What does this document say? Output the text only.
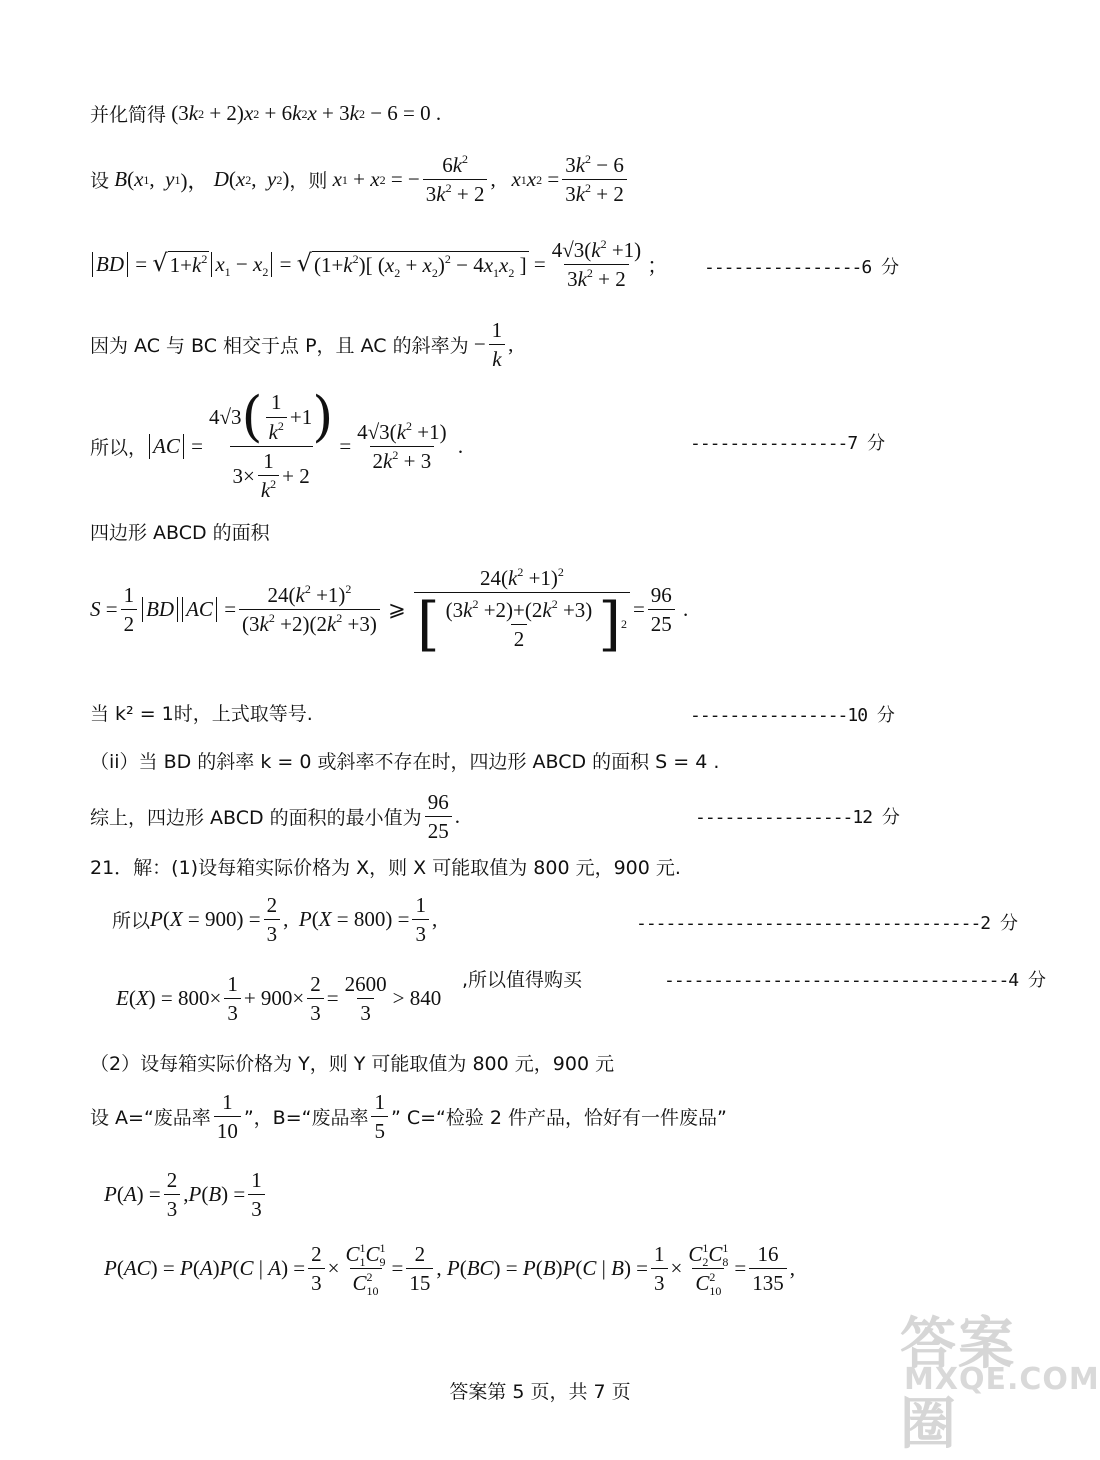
并化简得 (3 k 2 + 2) x 2 + 6 k 2 x + 3 k 2 − 6 = 0 .
设
B ( x 1 , y 1 )， D ( x 2 , y 2 ) ，则
x 1 + x 2 = − $\frac{6k^2}{3k^2 + 2}$ , x 1 x $2 = \frac{3k^2 - 6}{3k^2 + 2}$
BD = √ $1+k^2$ $x_1 - x_2$ = √ $(1+k^2)$[ $(x_2 + x_2)^2 - 4x_1x_2$ ] = $\frac{4√3(k^2 +1)}{3k^2 + 2}$ ； ----------------6 分
因为 AC 与 BC 相交于点 P，且 AC 的斜率为 − $\frac{1}{k}$ ,
所以， AC = $\frac{4√3 ( \frac{1}{k^2} +1 )}{3\times \frac{1}{k^2} + 2} = \frac{4√3(k^2 +1)}{2k^2 + 3}$ .	----------------7 分
四边形 ABCD 的面积
$S = \frac{1}{2}$ BD AC = $\frac{24(k^2 +1)^2}{(3k^2 +2)(2k^2 +3)}$ ⩾ $\frac{24(k^2 +1)^2}{[ \frac{(3k^2 +2)+(2k^2 +3)}{2} ] 2} = \frac{96}{25}$ .
当 k² = 1时，上式取等号.	----------------10 分
（ii）当 BD 的斜率 k = 0 或斜率不存在时，四边形 ABCD 的面积 S = 4 .
综上，四边形 ABCD 的面积的最小值为 $\frac{96}{25}$ .	----------------12 分
21．解：(1)设每箱实际价格为 X，则 X 可能取值为 800 元，900 元.
所以 P ( $X = 900) = \frac{2}{3}$ , P ( $X = 800) = \frac{1}{3}$ ,	-----------------------------------2 分
E ( X ) = $800\times \frac{1}{3} + 900\times \frac{2}{3} = \frac{2600}{3} > 840$
,所以值得购买	-----------------------------------4 分
（2）设每箱实际价格为 Y，则 Y 可能取值为 800 元，900 元
设 A=“废品率 $\frac{1}{10}$ ”，B=“废品率 $\frac{1}{5}$ ” C=“检验 2 件产品，恰好有一件废品”
P ( A ) = $\frac{2}{3}$ , P ( B ) = $\frac{1}{3}$
P ( AC ) = P ( A ) P ( C | A ) = $\frac{2}{3} \times \frac{C^1_1C^1_9}{C^2_{10}} = \frac{2}{15}$ , P ( BC ) = P ( B ) P ( C | B ) = $\frac{1}{3} \times \frac{C^1_2C^1_8}{C^2_{10}} = \frac{16}{135}$ ,
答案圈
MXQE.COM
答案第 5 页，共 7 页
